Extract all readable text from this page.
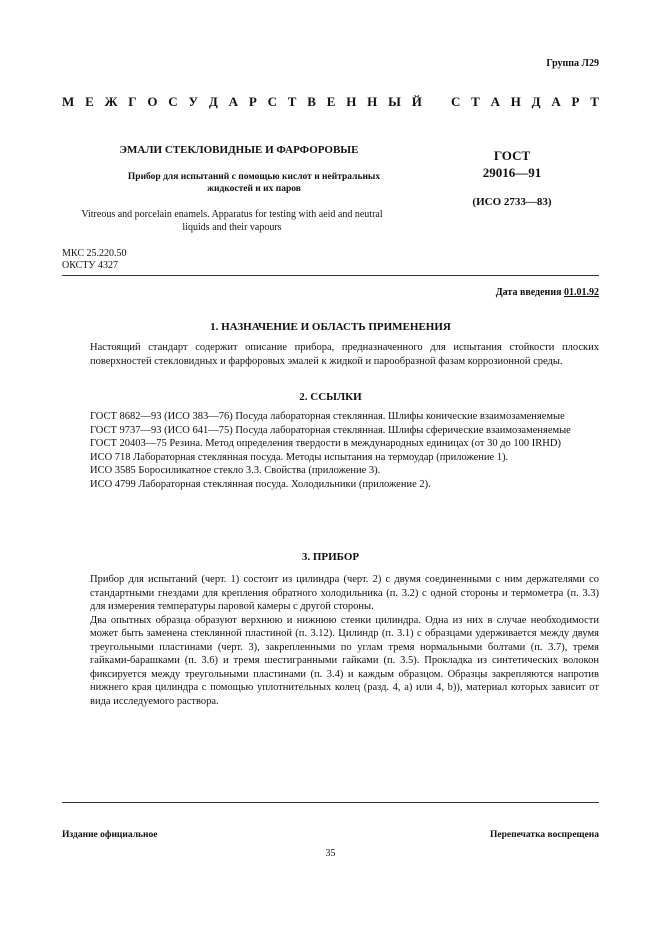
Группа Л29
М Е Ж Г О С У Д А Р С Т В Е Н Н Ы Й С Т А Н Д А Р Т
ЭМАЛИ СТЕКЛОВИДНЫЕ И ФАРФОРОВЫЕ
Прибор для испытаний с помощью кислот и нейтральных
жидкостей и их паров
Vitreous and porcelain enamels. Apparatus for testing with aeid and neutral
liquids and their vapours
ГОСТ
29016—91
(ИСО 2733—83)
МКС 25.220.50
ОКСТУ 4327
Дата введения 01.01.92
1. НАЗНАЧЕНИЕ И ОБЛАСТЬ ПРИМЕНЕНИЯ

Настоящий стандарт содержит описание прибора, предназначенного для испытания стойкости плоских поверхностей стекловидных и фарфоровых эмалей к жидкой и парообразной фазам коррозионной среды.

2. ССЫЛКИ

ГОСТ 8682—93 (ИСО 383—76) Посуда лабораторная стеклянная. Шлифы конические взаимозаменяемые

ГОСТ 9737—93 (ИСО 641—75) Посуда лабораторная стеклянная. Шлифы сферические взаимозаменяемые

ГОСТ 20403—75 Резина. Метод определения твердости в международных единицах (от 30 до 100 IRHD)

ИСО 718 Лабораторная стеклянная посуда. Методы испытания на термоудар (приложение 1).

ИСО 3585 Боросиликатное стекло 3.3. Свойства (приложение 3).

ИСО 4799 Лабораторная стеклянная посуда. Холодильники (приложение 2).

3. ПРИБОР

Прибор для испытаний (черт. 1) состоит из цилиндра (черт. 2) с двумя соединенными с ним держателями со стандартными гнездами для крепления обратного холодильника (п. 3.2) с одной стороны и термометра (п. 3.3) для измерения температуры паровой камеры с другой стороны.

Два опытных образца образуют верхнюю и нижнюю стенки цилиндра. Одна из них в случае необходимости может быть заменена стеклянной пластиной (п. 3.12). Цилиндр (п. 3.1) с образцами удерживается между двумя треугольными пластинами (черт. 3), закрепленными по углам тремя нормальными болтами (п. 3.7), тремя гайками-барашками (п. 3.6) и тремя шестигранными гайками (п. 3.5). Прокладка из синтетических волокон фиксируется между треугольными пластинами (п. 3.4) и каждым образцом. Образцы закрепляются напротив нижнего края цилиндра с помощью уплотнительных колец (разд. 4, а) или 4, b)), материал которых зависит от вида исследуемого раствора.

Издание официальное	Перепечатка воспрещена
35
